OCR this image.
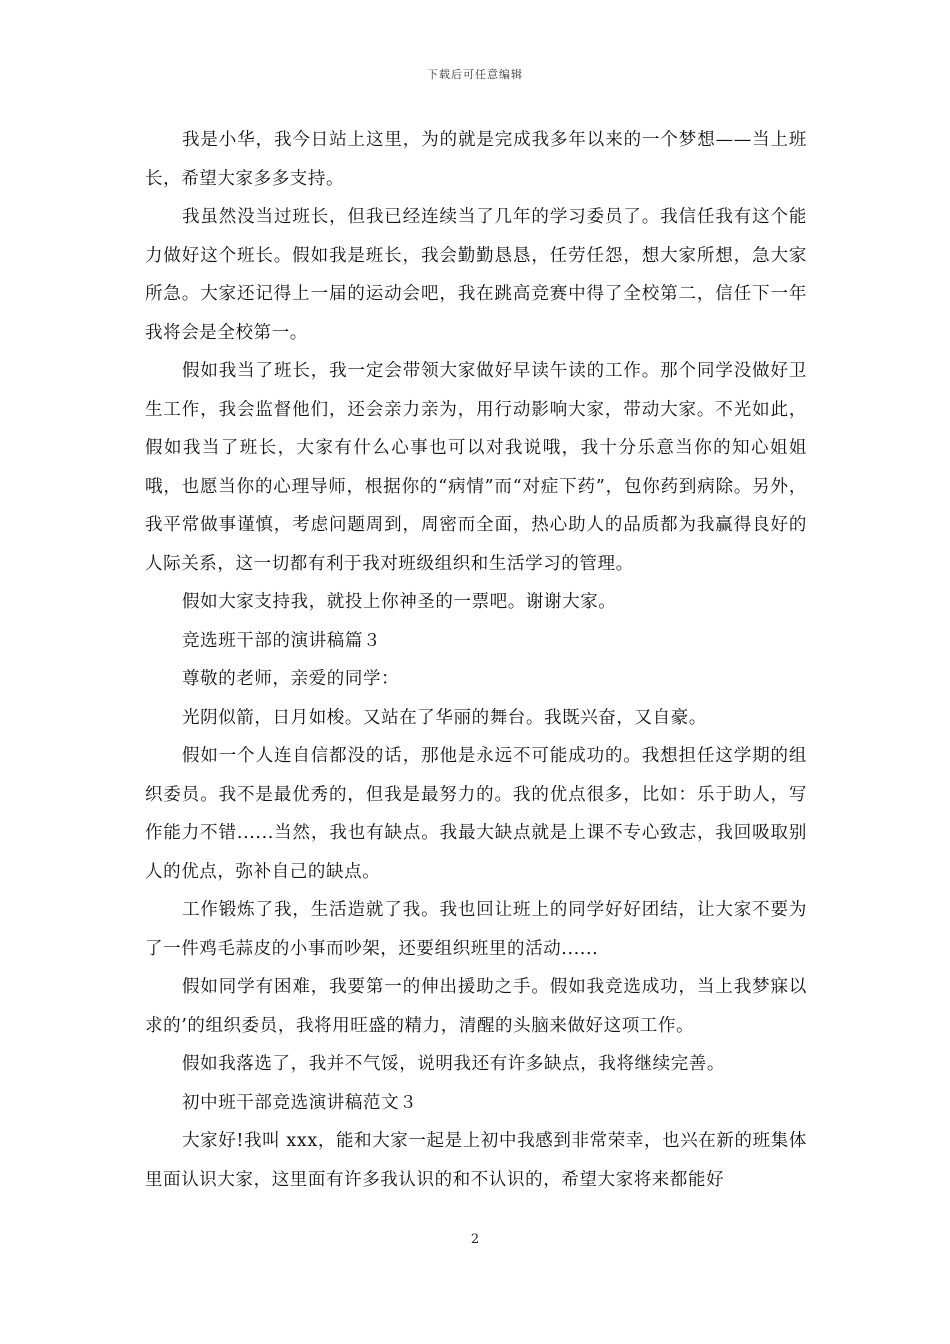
下载后可任意编辑

我是小华，我今日站上这里，为的就是完成我多年以来的一个梦想——当上班长，希望大家多多支持。

我虽然没当过班长，但我已经连续当了几年的学习委员了。我信任我有这个能力做好这个班长。假如我是班长，我会勤勤恳恳，任劳任怨，想大家所想，急大家所急。大家还记得上一届的运动会吧，我在跳高竞赛中得了全校第二，信任下一年我将会是全校第一。

假如我当了班长，我一定会带领大家做好早读午读的工作。那个同学没做好卫生工作，我会监督他们，还会亲力亲为，用行动影响大家，带动大家。不光如此，假如我当了班长，大家有什么心事也可以对我说哦，我十分乐意当你的知心姐姐哦，也愿当你的心理导师，根据你的“病情”而“对症下药”，包你药到病除。另外，我平常做事谨慎，考虑问题周到，周密而全面，热心助人的品质都为我赢得良好的人际关系，这一切都有利于我对班级组织和生活学习的管理。

假如大家支持我，就投上你神圣的一票吧。谢谢大家。

竞选班干部的演讲稿篇３

尊敬的老师，亲爱的同学：

光阴似箭，日月如梭。又站在了华丽的舞台。我既兴奋，又自豪。

假如一个人连自信都没的话，那他是永远不可能成功的。我想担任这学期的组织委员。我不是最优秀的，但我是最努力的。我的优点很多，比如：乐于助人，写作能力不错......当然，我也有缺点。我最大缺点就是上课不专心致志，我回吸取别人的优点，弥补自己的缺点。

工作锻炼了我，生活造就了我。我也回让班上的同学好好团结，让大家不要为了一件鸡毛蒜皮的小事而吵架，还要组织班里的活动......

假如同学有困难，我要第一的伸出援助之手。假如我竞选成功，当上我梦寐以求的’的组织委员，我将用旺盛的精力，清醒的头脑来做好这项工作。

假如我落选了，我并不气馁，说明我还有许多缺点，我将继续完善。

初中班干部竞选演讲稿范文３

大家好!我叫 xxx，能和大家一起是上初中我感到非常荣幸，也兴在新的班集体里面认识大家，这里面有许多我认识的和不认识的，希望大家将来都能好

2
